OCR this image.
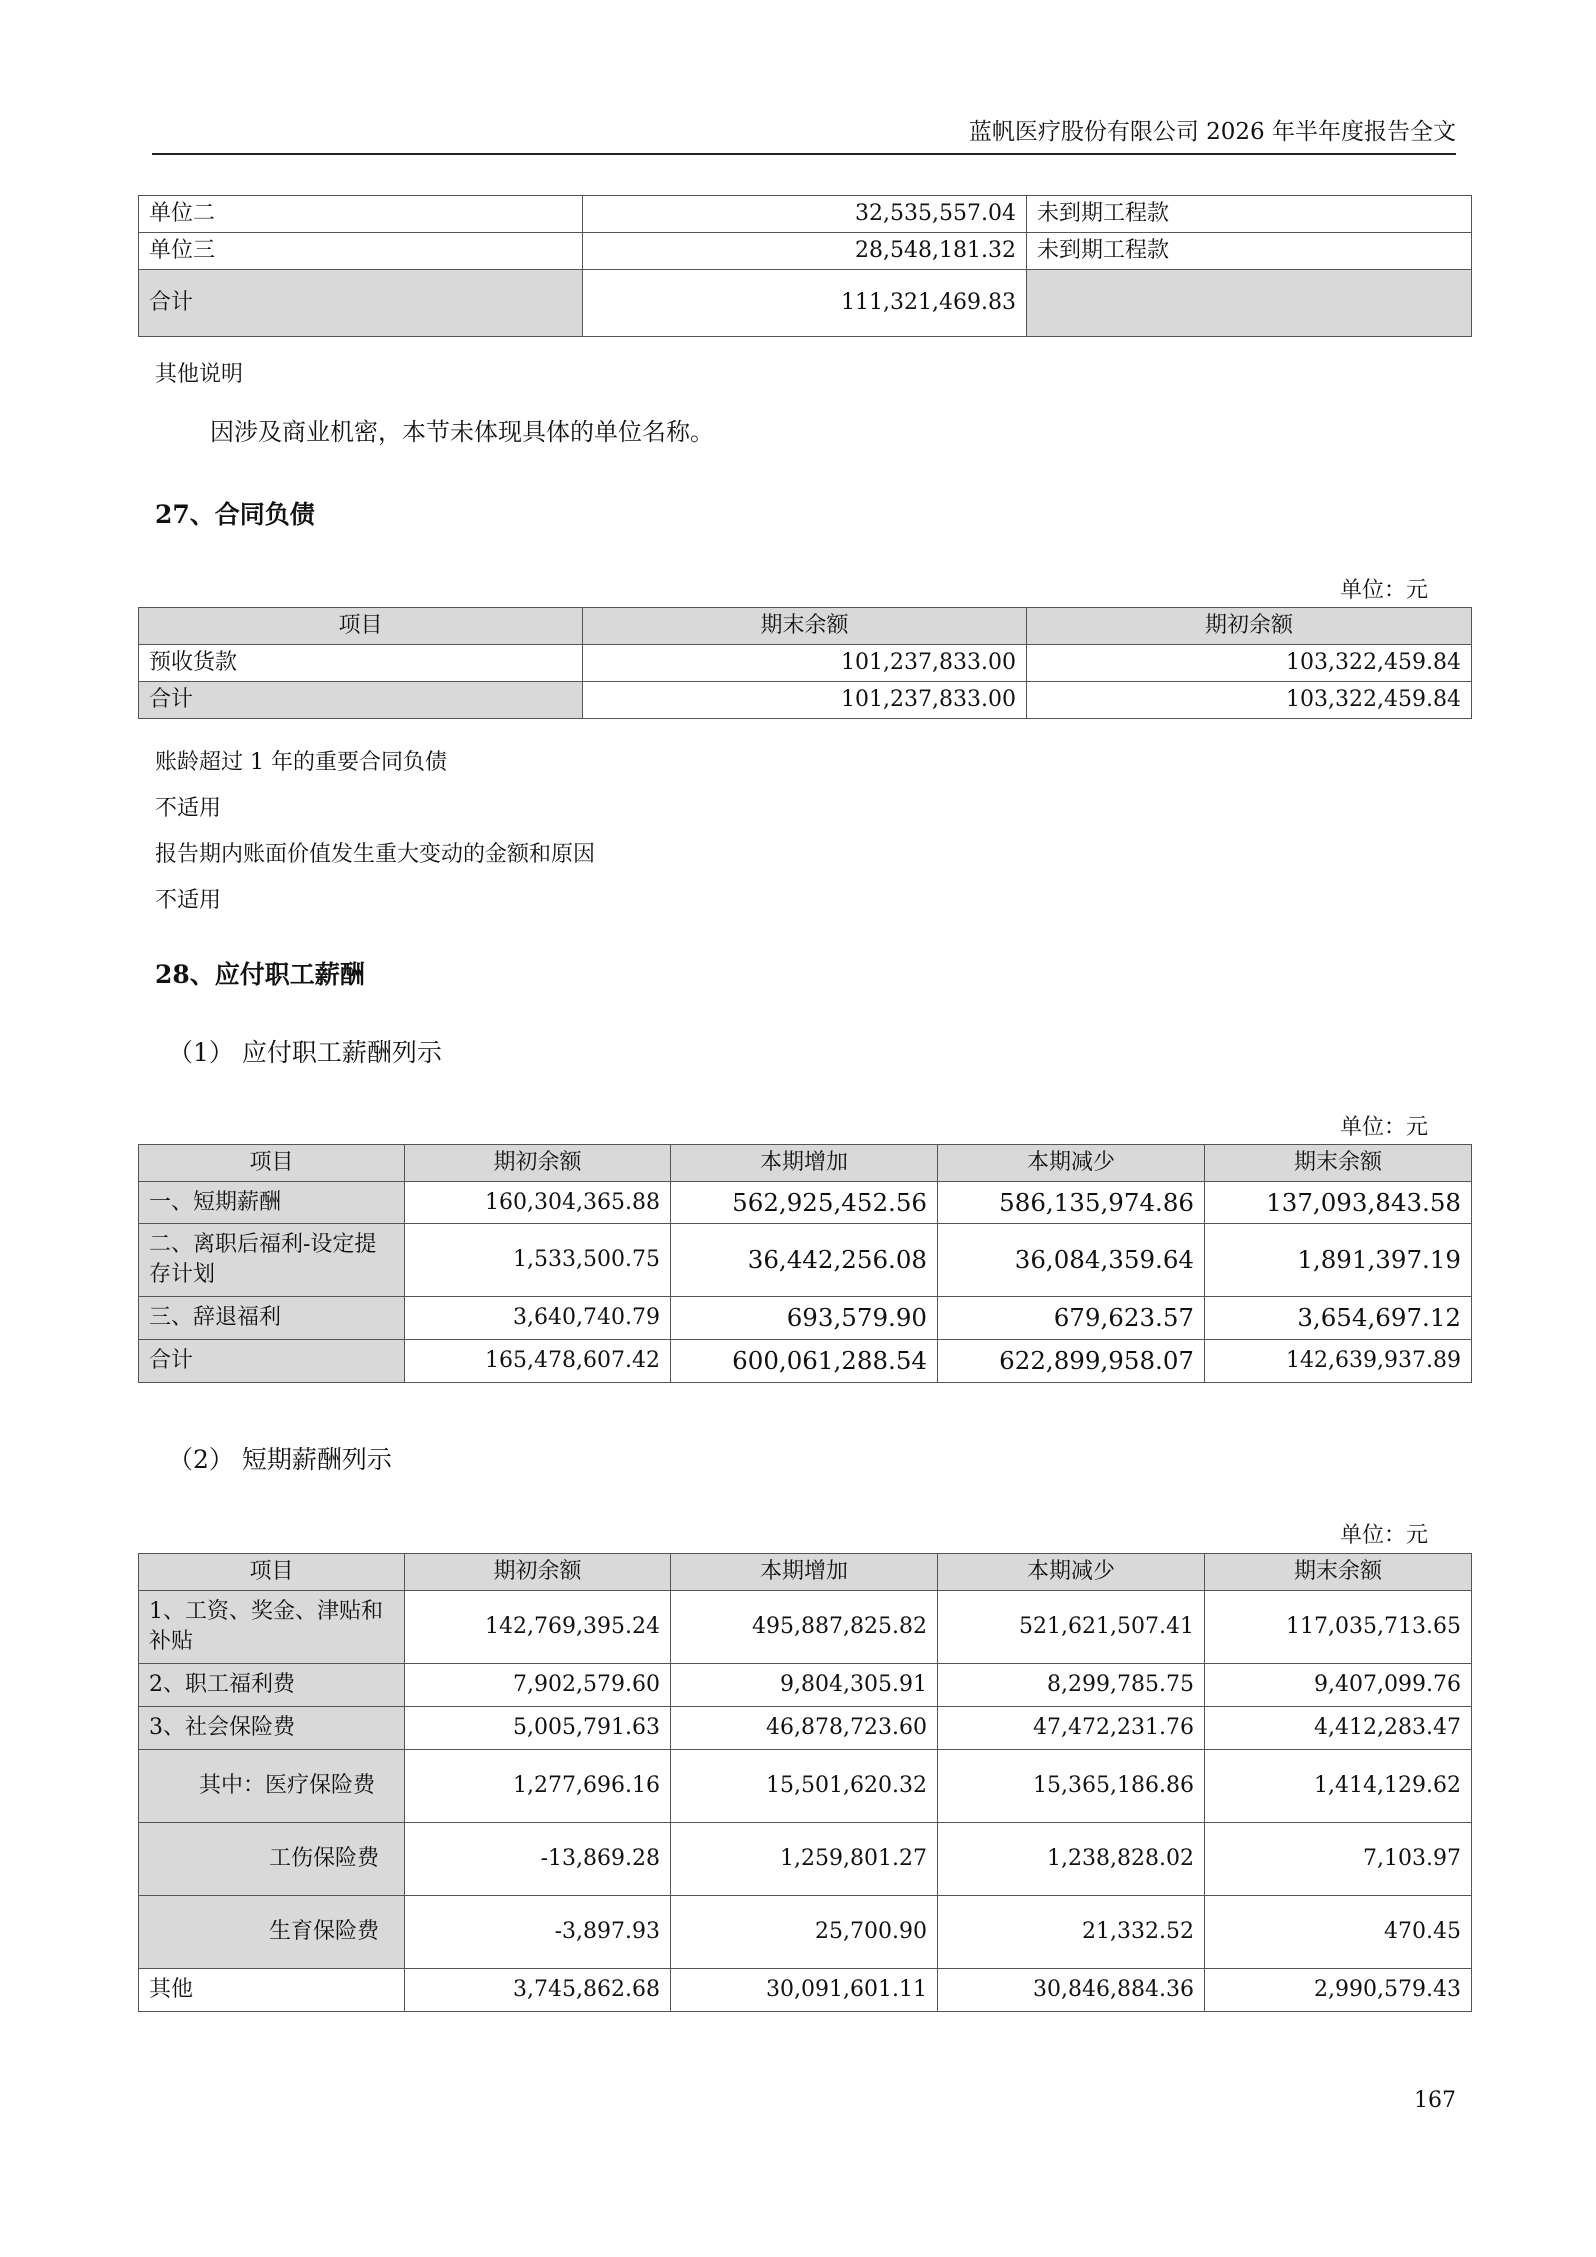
蓝帆医疗股份有限公司 2026 年半年度报告全文
单位二	32,535,557.04	未到期工程款
单位三	28,548,181.32	未到期工程款
合计	111,321,469.83	
其他说明
因涉及商业机密，本节未体现具体的单位名称。
27、合同负债
单位：元
项目	期末余额	期初余额
预收货款	101,237,833.00	103,322,459.84
合计	101,237,833.00	103,322,459.84
账龄超过 1 年的重要合同负债
不适用
报告期内账面价值发生重大变动的金额和原因
不适用
28、应付职工薪酬
（1） 应付职工薪酬列示
单位：元
项目	期初余额	本期增加	本期减少	期末余额
一、短期薪酬	160,304,365.88	562,925,452.56	586,135,974.86	137,093,843.58
二、离职后福利-设定提存计划	1,533,500.75	36,442,256.08	36,084,359.64	1,891,397.19
三、辞退福利	3,640,740.79	693,579.90	679,623.57	3,654,697.12
合计	165,478,607.42	600,061,288.54	622,899,958.07	142,639,937.89
（2） 短期薪酬列示
单位：元
项目	期初余额	本期增加	本期减少	期末余额
1、工资、奖金、津贴和补贴	142,769,395.24	495,887,825.82	521,621,507.41	117,035,713.65
2、职工福利费	7,902,579.60	9,804,305.91	8,299,785.75	9,407,099.76
3、社会保险费	5,005,791.63	46,878,723.60	47,472,231.76	4,412,283.47
其中：医疗保险费	1,277,696.16	15,501,620.32	15,365,186.86	1,414,129.62
工伤保险费	-13,869.28	1,259,801.27	1,238,828.02	7,103.97
生育保险费	-3,897.93	25,700.90	21,332.52	470.45
其他	3,745,862.68	30,091,601.11	30,846,884.36	2,990,579.43
167
